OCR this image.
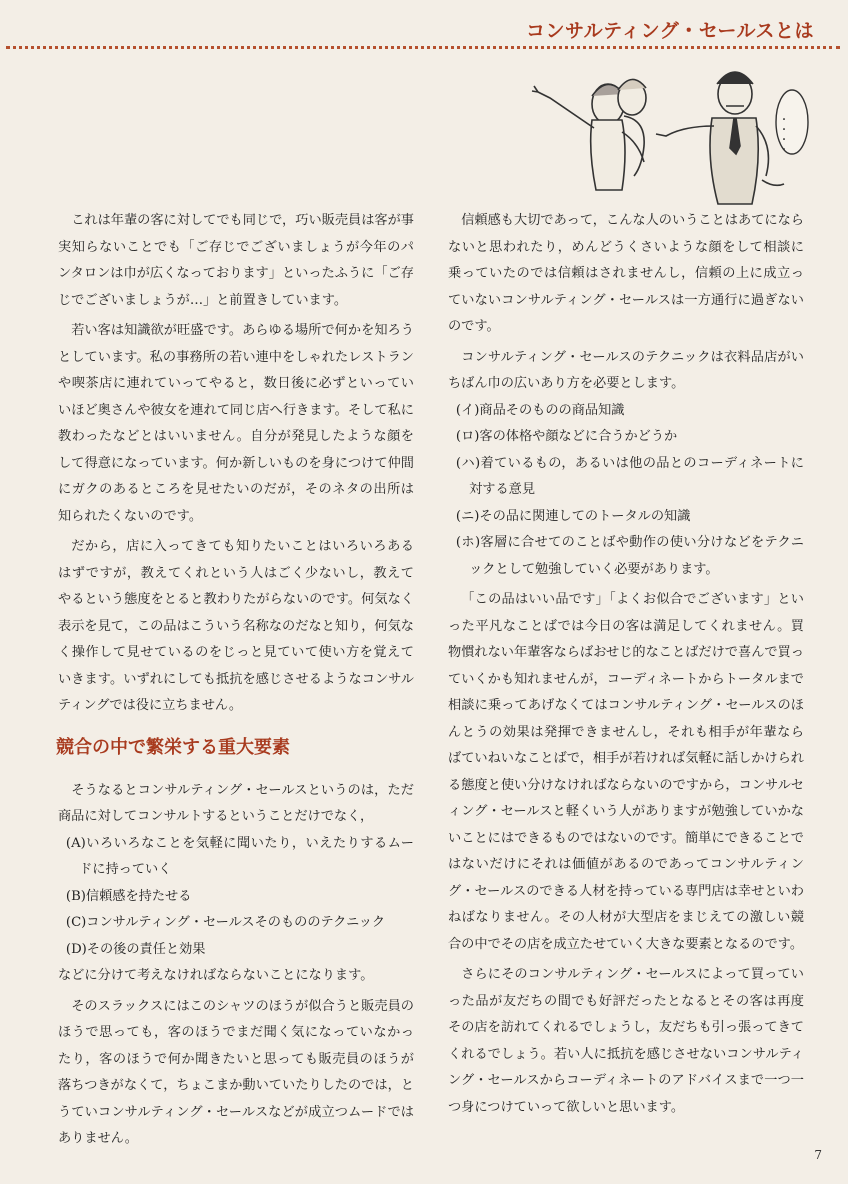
コンサルティング・セールスとは
・・・・

これは年輩の客に対してでも同じで，巧い販売員は客が事実知らないことでも「ご存じでございましょうが今年のパンタロンは巾が広くなっております」といったふうに「ご存じでございましょうが…」と前置きしています。

若い客は知識欲が旺盛です。あらゆる場所で何かを知ろうとしています。私の事務所の若い連中をしゃれたレストランや喫茶店に連れていってやると，数日後に必ずといっていいほど奥さんや彼女を連れて同じ店へ行きます。そして私に教わったなどとはいいません。自分が発見したような顔をして得意になっています。何か新しいものを身につけて仲間にガクのあるところを見せたいのだが，そのネタの出所は知られたくないのです。

だから，店に入ってきても知りたいことはいろいろあるはずですが，教えてくれという人はごく少ないし，教えてやるという態度をとると教わりたがらないのです。何気なく表示を見て，この品はこういう名称なのだなと知り，何気なく操作して見せているのをじっと見ていて使い方を覚えていきます。いずれにしても抵抗を感じさせるようなコンサルティングでは役に立ちません。

競合の中で繁栄する重大要素

そうなるとコンサルティング・セールスというのは，ただ商品に対してコンサルトするということだけでなく，

(A)いろいろなことを気軽に聞いたり，いえたりするムードに持っていく

(B)信頼感を持たせる

(C)コンサルティング・セールスそのもののテクニック

(D)その後の責任と効果

などに分けて考えなければならないことになります。

そのスラックスにはこのシャツのほうが似合うと販売員のほうで思っても，客のほうでまだ聞く気になっていなかったり，客のほうで何か聞きたいと思っても販売員のほうが落ちつきがなくて，ちょこまか動いていたりしたのでは，とうていコンサルティング・セールスなどが成立つムードではありません。

信頼感も大切であって，こんな人のいうことはあてにならないと思われたり，めんどうくさいような顔をして相談に乗っていたのでは信頼はされませんし，信頼の上に成立っていないコンサルティング・セールスは一方通行に過ぎないのです。

コンサルティング・セールスのテクニックは衣料品店がいちばん巾の広いあり方を必要とします。

(イ)商品そのものの商品知識

(ロ)客の体格や顔などに合うかどうか

(ハ)着ているもの，あるいは他の品とのコーディネートに対する意見

(ニ)その品に関連してのトータルの知識

(ホ)客層に合せてのことばや動作の使い分けなどをテクニックとして勉強していく必要があります。

「この品はいい品です」「よくお似合でございます」といった平凡なことばでは今日の客は満足してくれません。買物慣れない年輩客ならばおせじ的なことばだけで喜んで買っていくかも知れませんが，コーディネートからトータルまで相談に乗ってあげなくてはコンサルティング・セールスのほんとうの効果は発揮できませんし，それも相手が年輩ならばていねいなことばで，相手が若ければ気軽に話しかけられる態度と使い分けなければならないのですから，コンサルセィング・セールスと軽くいう人がありますが勉強していかないことにはできるものではないのです。簡単にできることではないだけにそれは価値があるのであってコンサルティング・セールスのできる人材を持っている専門店は幸せといわねばなりません。その人材が大型店をまじえての激しい競合の中でその店を成立たせていく大きな要素となるのです。

さらにそのコンサルティング・セールスによって買っていった品が友だちの間でも好評だったとなるとその客は再度その店を訪れてくれるでしょうし，友だちも引っ張ってきてくれるでしょう。若い人に抵抗を感じさせないコンサルティング・セールスからコーディネートのアドバイスまで一つ一つ身につけていって欲しいと思います。

7
